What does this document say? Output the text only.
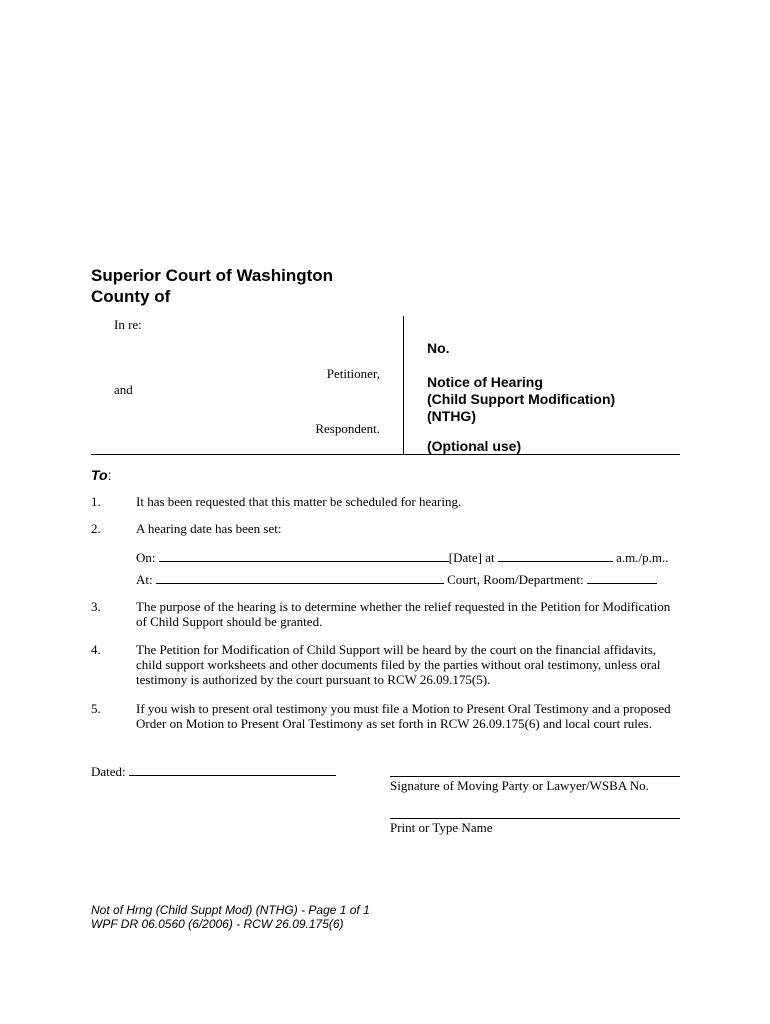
Superior Court of Washington
County of
In re:
Petitioner,
and
Respondent.
No.
Notice of Hearing
(Child Support Modification)
(NTHG)
(Optional use)
To:
1.	It has been requested that this matter be scheduled for hearing.
2.	A hearing date has been set:
On:	[Date] at	a.m./p.m..
At:	Court, Room/Department:
3.	The purpose of the hearing is to determine whether the relief requested in the Petition for Modification of Child Support should be granted.
4.	The Petition for Modification of Child Support will be heard by the court on the financial affidavits, child support worksheets and other documents filed by the parties without oral testimony, unless oral testimony is authorized by the court pursuant to RCW 26.09.175(5).
5.	If you wish to present oral testimony you must file a Motion to Present Oral Testimony and a proposed Order on Motion to Present Oral Testimony as set forth in RCW 26.09.175(6) and local court rules.
Dated:
Signature of Moving Party or Lawyer/WSBA No.
Print or Type Name
Not of Hrng (Child Suppt Mod) (NTHG) - Page 1 of 1
WPF DR 06.0560 (6/2006) - RCW 26.09.175(6)
